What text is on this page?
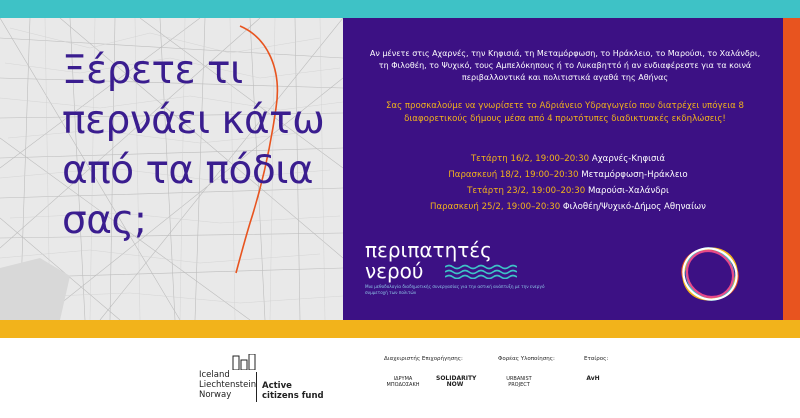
Ξέρετε τι περνάει κάτω από τα πόδια σας;

Αν μένετε στις Αχαρνές, την Κηφισιά, τη Μεταμόρφωση, το Ηράκλειο, το Μαρούσι, το Χαλάνδρι, τη Φιλοθέη, το Ψυχικό, τους Αμπελόκηπους ή το Λυκαβηττό ή αν ενδιαφέρεστε για τα κοινά περιβαλλοντικά και πολιτιστικά αγαθά της Αθήνας

Σας προσκαλούμε να γνωρίσετε το Αδριάνειο Υδραγωγείο που διατρέχει υπόγεια 8 διαφορετικούς δήμους μέσα από 4 πρωτότυπες διαδικτυακές εκδηλώσεις!

Τετάρτη 16/2, 19:00–20:30 Αχαρνές-Κηφισιά
Παρασκευή 18/2, 19:00–20:30 Μεταμόρφωση-Ηράκλειο
Τετάρτη 23/2, 19:00–20:30 Μαρούσι-Χαλάνδρι
Παρασκευή 25/2, 19:00–20:30 Φιλοθέη/Ψυχικό-Δήμος Αθηναίων
περιπατητές
νερού

Μια μεθοδολογία διαδημοτικής συνεργασίας για την αστική ανάπτυξη με την ενεργό συμμετοχή των πολιτών

Iceland
Liechtenstein
Norway

Active
citizens fund

Διαχειριστής Επιχορήγησης:	Φορέας Υλοποίησης:	Εταίρος:

ΙΔΡΥΜΑ
ΜΠΟΔΟΣΑΚΗ
SOLIDARITY
NOW
URBANIST
PROJECT
AvH
